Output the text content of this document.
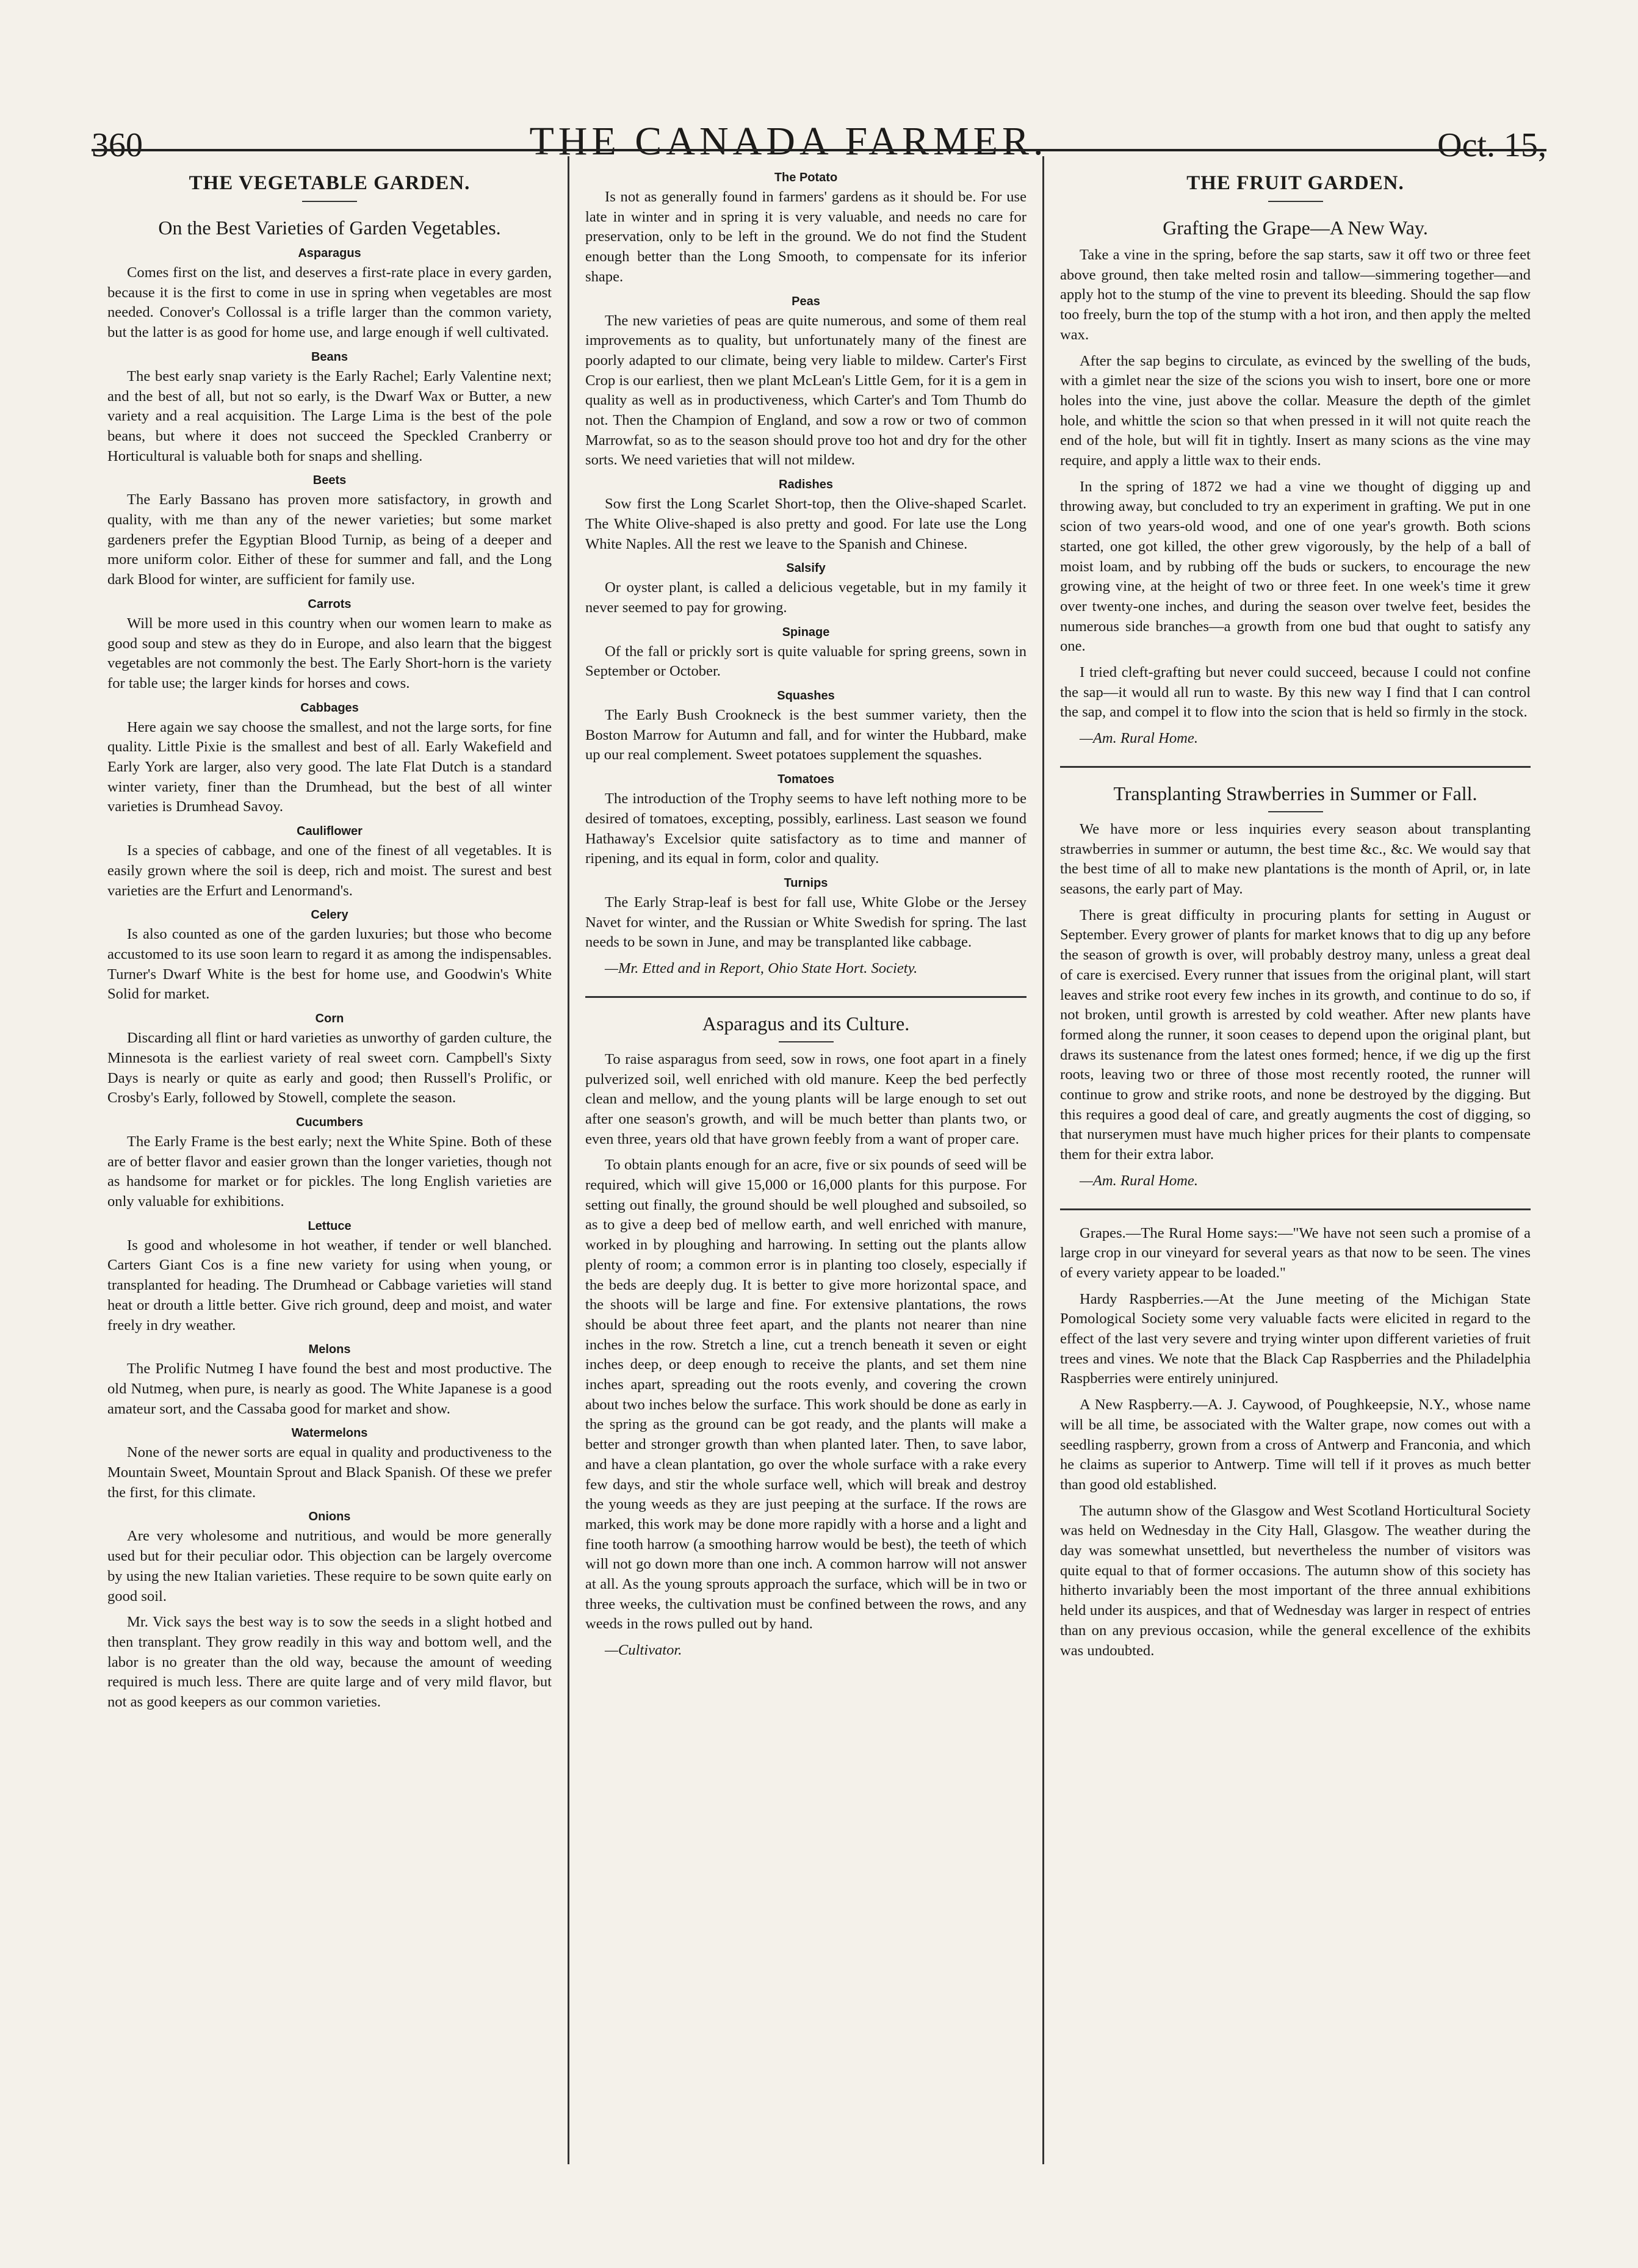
360	THE CANADA FARMER.	Oct. 15,
THE VEGETABLE GARDEN.
On the Best Varieties of Garden Vegetables.
Asparagus

Comes first on the list, and deserves a first-rate place in every garden, because it is the first to come in use in spring when vegetables are most needed. Conover's Collossal is a trifle larger than the common variety, but the latter is as good for home use, and large enough if well cultivated.

Beans

The best early snap variety is the Early Rachel; Early Valentine next; and the best of all, but not so early, is the Dwarf Wax or Butter, a new variety and a real acquisition. The Large Lima is the best of the pole beans, but where it does not succeed the Speckled Cranberry or Horticultural is valuable both for snaps and shelling.

Beets

The Early Bassano has proven more satisfactory, in growth and quality, with me than any of the newer varieties; but some market gardeners prefer the Egyptian Blood Turnip, as being of a deeper and more uniform color. Either of these for summer and fall, and the Long dark Blood for winter, are sufficient for family use.

Carrots

Will be more used in this country when our women learn to make as good soup and stew as they do in Europe, and also learn that the biggest vegetables are not commonly the best. The Early Short-horn is the variety for table use; the larger kinds for horses and cows.

Cabbages

Here again we say choose the smallest, and not the large sorts, for fine quality. Little Pixie is the smallest and best of all. Early Wakefield and Early York are larger, also very good. The late Flat Dutch is a standard winter variety, finer than the Drumhead, but the best of all winter varieties is Drumhead Savoy.

Cauliflower

Is a species of cabbage, and one of the finest of all vegetables. It is easily grown where the soil is deep, rich and moist. The surest and best varieties are the Erfurt and Lenormand's.

Celery

Is also counted as one of the garden luxuries; but those who become accustomed to its use soon learn to regard it as among the indispensables. Turner's Dwarf White is the best for home use, and Goodwin's White Solid for market.

Corn

Discarding all flint or hard varieties as unworthy of garden culture, the Minnesota is the earliest variety of real sweet corn. Campbell's Sixty Days is nearly or quite as early and good; then Russell's Prolific, or Crosby's Early, followed by Stowell, complete the season.

Cucumbers

The Early Frame is the best early; next the White Spine. Both of these are of better flavor and easier grown than the longer varieties, though not as handsome for market or for pickles. The long English varieties are only valuable for exhibitions.

Lettuce

Is good and wholesome in hot weather, if tender or well blanched. Carters Giant Cos is a fine new variety for using when young, or transplanted for heading. The Drumhead or Cabbage varieties will stand heat or drouth a little better. Give rich ground, deep and moist, and water freely in dry weather.

Melons

The Prolific Nutmeg I have found the best and most productive. The old Nutmeg, when pure, is nearly as good. The White Japanese is a good amateur sort, and the Cassaba good for market and show.

Watermelons

None of the newer sorts are equal in quality and productiveness to the Mountain Sweet, Mountain Sprout and Black Spanish. Of these we prefer the first, for this climate.

Onions

Are very wholesome and nutritious, and would be more generally used but for their peculiar odor. This objection can be largely overcome by using the new Italian varieties. These require to be sown quite early on good soil.

Mr. Vick says the best way is to sow the seeds in a slight hotbed and then transplant. They grow readily in this way and bottom well, and the labor is no greater than the old way, because the amount of weeding required is much less. There are quite large and of very mild flavor, but not as good keepers as our common varieties.

The Potato

Is not as generally found in farmers' gardens as it should be. For use late in winter and in spring it is very valuable, and needs no care for preservation, only to be left in the ground. We do not find the Student enough better than the Long Smooth, to compensate for its inferior shape.

Peas

The new varieties of peas are quite numerous, and some of them real improvements as to quality, but unfortunately many of the finest are poorly adapted to our climate, being very liable to mildew. Carter's First Crop is our earliest, then we plant McLean's Little Gem, for it is a gem in quality as well as in productiveness, which Carter's and Tom Thumb do not. Then the Champion of England, and sow a row or two of common Marrowfat, so as to the season should prove too hot and dry for the other sorts. We need varieties that will not mildew.

Radishes

Sow first the Long Scarlet Short-top, then the Olive-shaped Scarlet. The White Olive-shaped is also pretty and good. For late use the Long White Naples. All the rest we leave to the Spanish and Chinese.

Salsify

Or oyster plant, is called a delicious vegetable, but in my family it never seemed to pay for growing.

Spinage

Of the fall or prickly sort is quite valuable for spring greens, sown in September or October.

Squashes

The Early Bush Crookneck is the best summer variety, then the Boston Marrow for Autumn and fall, and for winter the Hubbard, make up our real complement. Sweet potatoes supplement the squashes.

Tomatoes

The introduction of the Trophy seems to have left nothing more to be desired of tomatoes, excepting, possibly, earliness. Last season we found Hathaway's Excelsior quite satisfactory as to time and manner of ripening, and its equal in form, color and quality.

Turnips

The Early Strap-leaf is best for fall use, White Globe or the Jersey Navet for winter, and the Russian or White Swedish for spring. The last needs to be sown in June, and may be transplanted like cabbage.

—Mr. Etted and in Report, Ohio State Hort. Society.

Asparagus and its Culture.

To raise asparagus from seed, sow in rows, one foot apart in a finely pulverized soil, well enriched with old manure. Keep the bed perfectly clean and mellow, and the young plants will be large enough to set out after one season's growth, and will be much better than plants two, or even three, years old that have grown feebly from a want of proper care.

To obtain plants enough for an acre, five or six pounds of seed will be required, which will give 15,000 or 16,000 plants for this purpose. For setting out finally, the ground should be well ploughed and subsoiled, so as to give a deep bed of mellow earth, and well enriched with manure, worked in by ploughing and harrowing. In setting out the plants allow plenty of room; a common error is in planting too closely, especially if the beds are deeply dug. It is better to give more horizontal space, and the shoots will be large and fine. For extensive plantations, the rows should be about three feet apart, and the plants not nearer than nine inches in the row. Stretch a line, cut a trench beneath it seven or eight inches deep, or deep enough to receive the plants, and set them nine inches apart, spreading out the roots evenly, and covering the crown about two inches below the surface. This work should be done as early in the spring as the ground can be got ready, and the plants will make a better and stronger growth than when planted later. Then, to save labor, and have a clean plantation, go over the whole surface with a rake every few days, and stir the whole surface well, which will break and destroy the young weeds as they are just peeping at the surface. If the rows are marked, this work may be done more rapidly with a horse and a light and fine tooth harrow (a smoothing harrow would be best), the teeth of which will not go down more than one inch. A common harrow will not answer at all. As the young sprouts approach the surface, which will be in two or three weeks, the cultivation must be confined between the rows, and any weeds in the rows pulled out by hand.

—Cultivator.

THE FRUIT GARDEN.
Grafting the Grape—A New Way.

Take a vine in the spring, before the sap starts, saw it off two or three feet above ground, then take melted rosin and tallow—simmering together—and apply hot to the stump of the vine to prevent its bleeding. Should the sap flow too freely, burn the top of the stump with a hot iron, and then apply the melted wax.

After the sap begins to circulate, as evinced by the swelling of the buds, with a gimlet near the size of the scions you wish to insert, bore one or more holes into the vine, just above the collar. Measure the depth of the gimlet hole, and whittle the scion so that when pressed in it will not quite reach the end of the hole, but will fit in tightly. Insert as many scions as the vine may require, and apply a little wax to their ends.

In the spring of 1872 we had a vine we thought of digging up and throwing away, but concluded to try an experiment in grafting. We put in one scion of two years-old wood, and one of one year's growth. Both scions started, one got killed, the other grew vigorously, by the help of a ball of moist loam, and by rubbing off the buds or suckers, to encourage the new growing vine, at the height of two or three feet. In one week's time it grew over twenty-one inches, and during the season over twelve feet, besides the numerous side branches—a growth from one bud that ought to satisfy any one.

I tried cleft-grafting but never could succeed, because I could not confine the sap—it would all run to waste. By this new way I find that I can control the sap, and compel it to flow into the scion that is held so firmly in the stock.

—Am. Rural Home.

Transplanting Strawberries in Summer or Fall.

We have more or less inquiries every season about transplanting strawberries in summer or autumn, the best time &c., &c. We would say that the best time of all to make new plantations is the month of April, or, in late seasons, the early part of May.

There is great difficulty in procuring plants for setting in August or September. Every grower of plants for market knows that to dig up any before the season of growth is over, will probably destroy many, unless a great deal of care is exercised. Every runner that issues from the original plant, will start leaves and strike root every few inches in its growth, and continue to do so, if not broken, until growth is arrested by cold weather. After new plants have formed along the runner, it soon ceases to depend upon the original plant, but draws its sustenance from the latest ones formed; hence, if we dig up the first roots, leaving two or three of those most recently rooted, the runner will continue to grow and strike roots, and none be destroyed by the digging. But this requires a good deal of care, and greatly augments the cost of digging, so that nurserymen must have much higher prices for their plants to compensate them for their extra labor.

—Am. Rural Home.

Grapes.—The Rural Home says:—"We have not seen such a promise of a large crop in our vineyard for several years as that now to be seen. The vines of every variety appear to be loaded."

Hardy Raspberries.—At the June meeting of the Michigan State Pomological Society some very valuable facts were elicited in regard to the effect of the last very severe and trying winter upon different varieties of fruit trees and vines. We note that the Black Cap Raspberries and the Philadelphia Raspberries were entirely uninjured.

A New Raspberry.—A. J. Caywood, of Poughkeepsie, N.Y., whose name will be all time, be associated with the Walter grape, now comes out with a seedling raspberry, grown from a cross of Antwerp and Franconia, and which he claims as superior to Antwerp. Time will tell if it proves as much better than good old established.

The autumn show of the Glasgow and West Scotland Horticultural Society was held on Wednesday in the City Hall, Glasgow. The weather during the day was somewhat unsettled, but nevertheless the number of visitors was quite equal to that of former occasions. The autumn show of this society has hitherto invariably been the most important of the three annual exhibitions held under its auspices, and that of Wednesday was larger in respect of entries than on any previous occasion, while the general excellence of the exhibits was undoubted.
